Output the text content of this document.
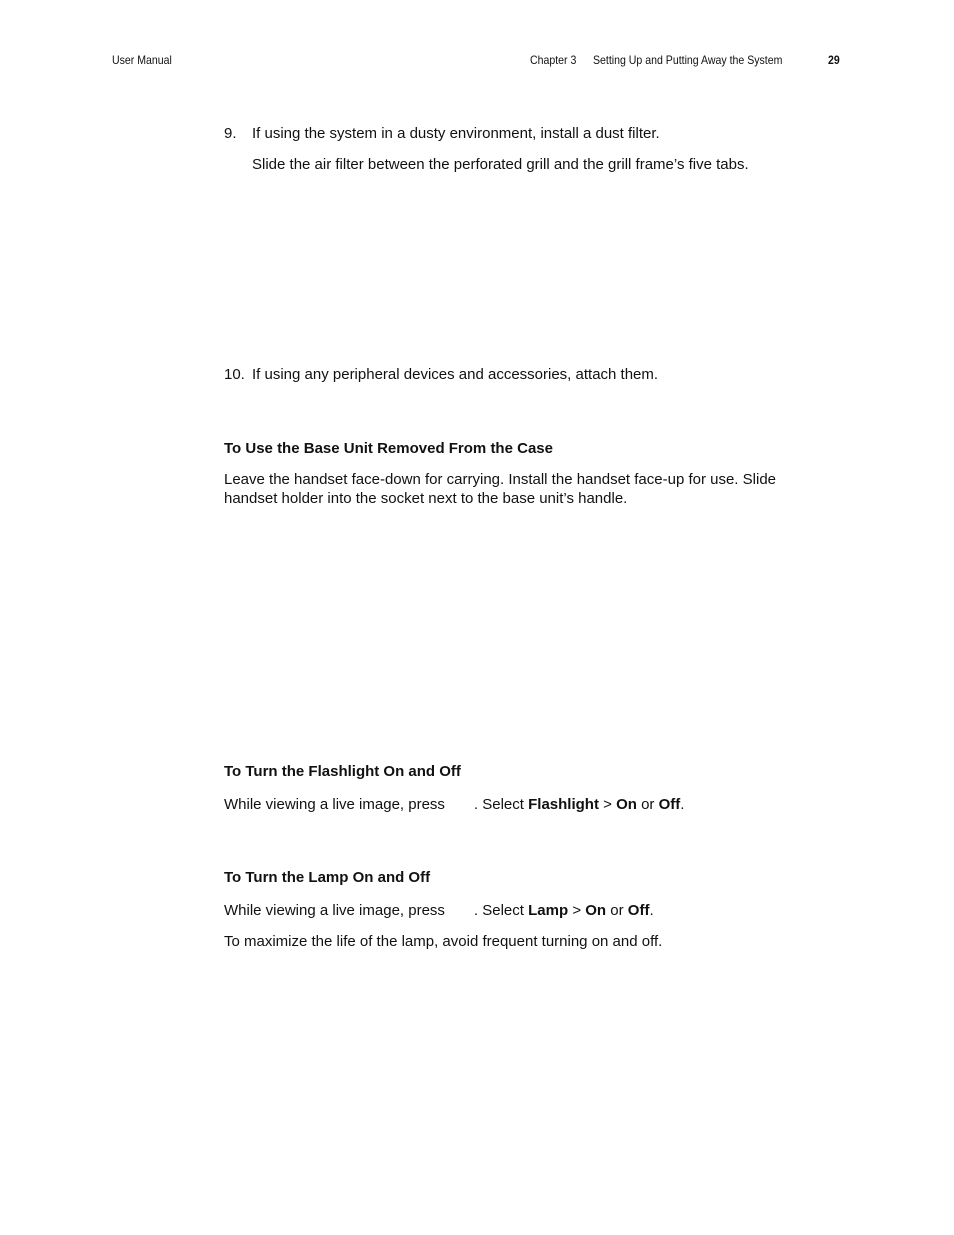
User Manual	Chapter 3 Setting Up and Putting Away the System	29
9. If using the system in a dusty environment, install a dust filter.
Slide the air filter between the perforated grill and the grill frame’s five tabs.
10. If using any peripheral devices and accessories, attach them.
To Use the Base Unit Removed From the Case
Leave the handset face-down for carrying. Install the handset face-up for use. Slide handset holder into the socket next to the base unit’s handle.
To Turn the Flashlight On and Off
While viewing a live image, press . Select Flashlight > On or Off.
To Turn the Lamp On and Off
While viewing a live image, press . Select Lamp > On or Off.
To maximize the life of the lamp, avoid frequent turning on and off.
